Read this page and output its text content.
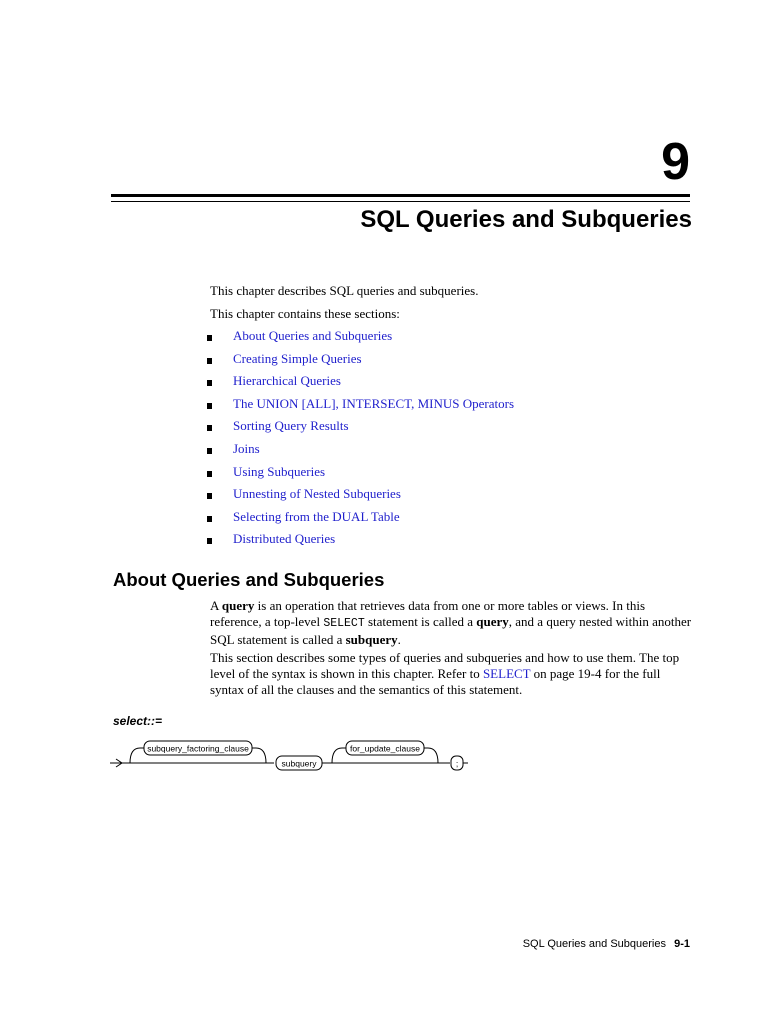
9
SQL Queries and Subqueries
This chapter describes SQL queries and subqueries.
This chapter contains these sections:
About Queries and Subqueries
Creating Simple Queries
Hierarchical Queries
The UNION [ALL], INTERSECT, MINUS Operators
Sorting Query Results
Joins
Using Subqueries
Unnesting of Nested Subqueries
Selecting from the DUAL Table
Distributed Queries
About Queries and Subqueries
A query is an operation that retrieves data from one or more tables or views. In this reference, a top-level SELECT statement is called a query, and a query nested within another SQL statement is called a subquery.
This section describes some types of queries and subqueries and how to use them. The top level of the syntax is shown in this chapter. Refer to SELECT on page 19-4 for the full syntax of all the clauses and the semantics of this statement.
select::=
subquery_factoring_clause
subquery
for_update_clause
;
SQL Queries and Subqueries 9-1
